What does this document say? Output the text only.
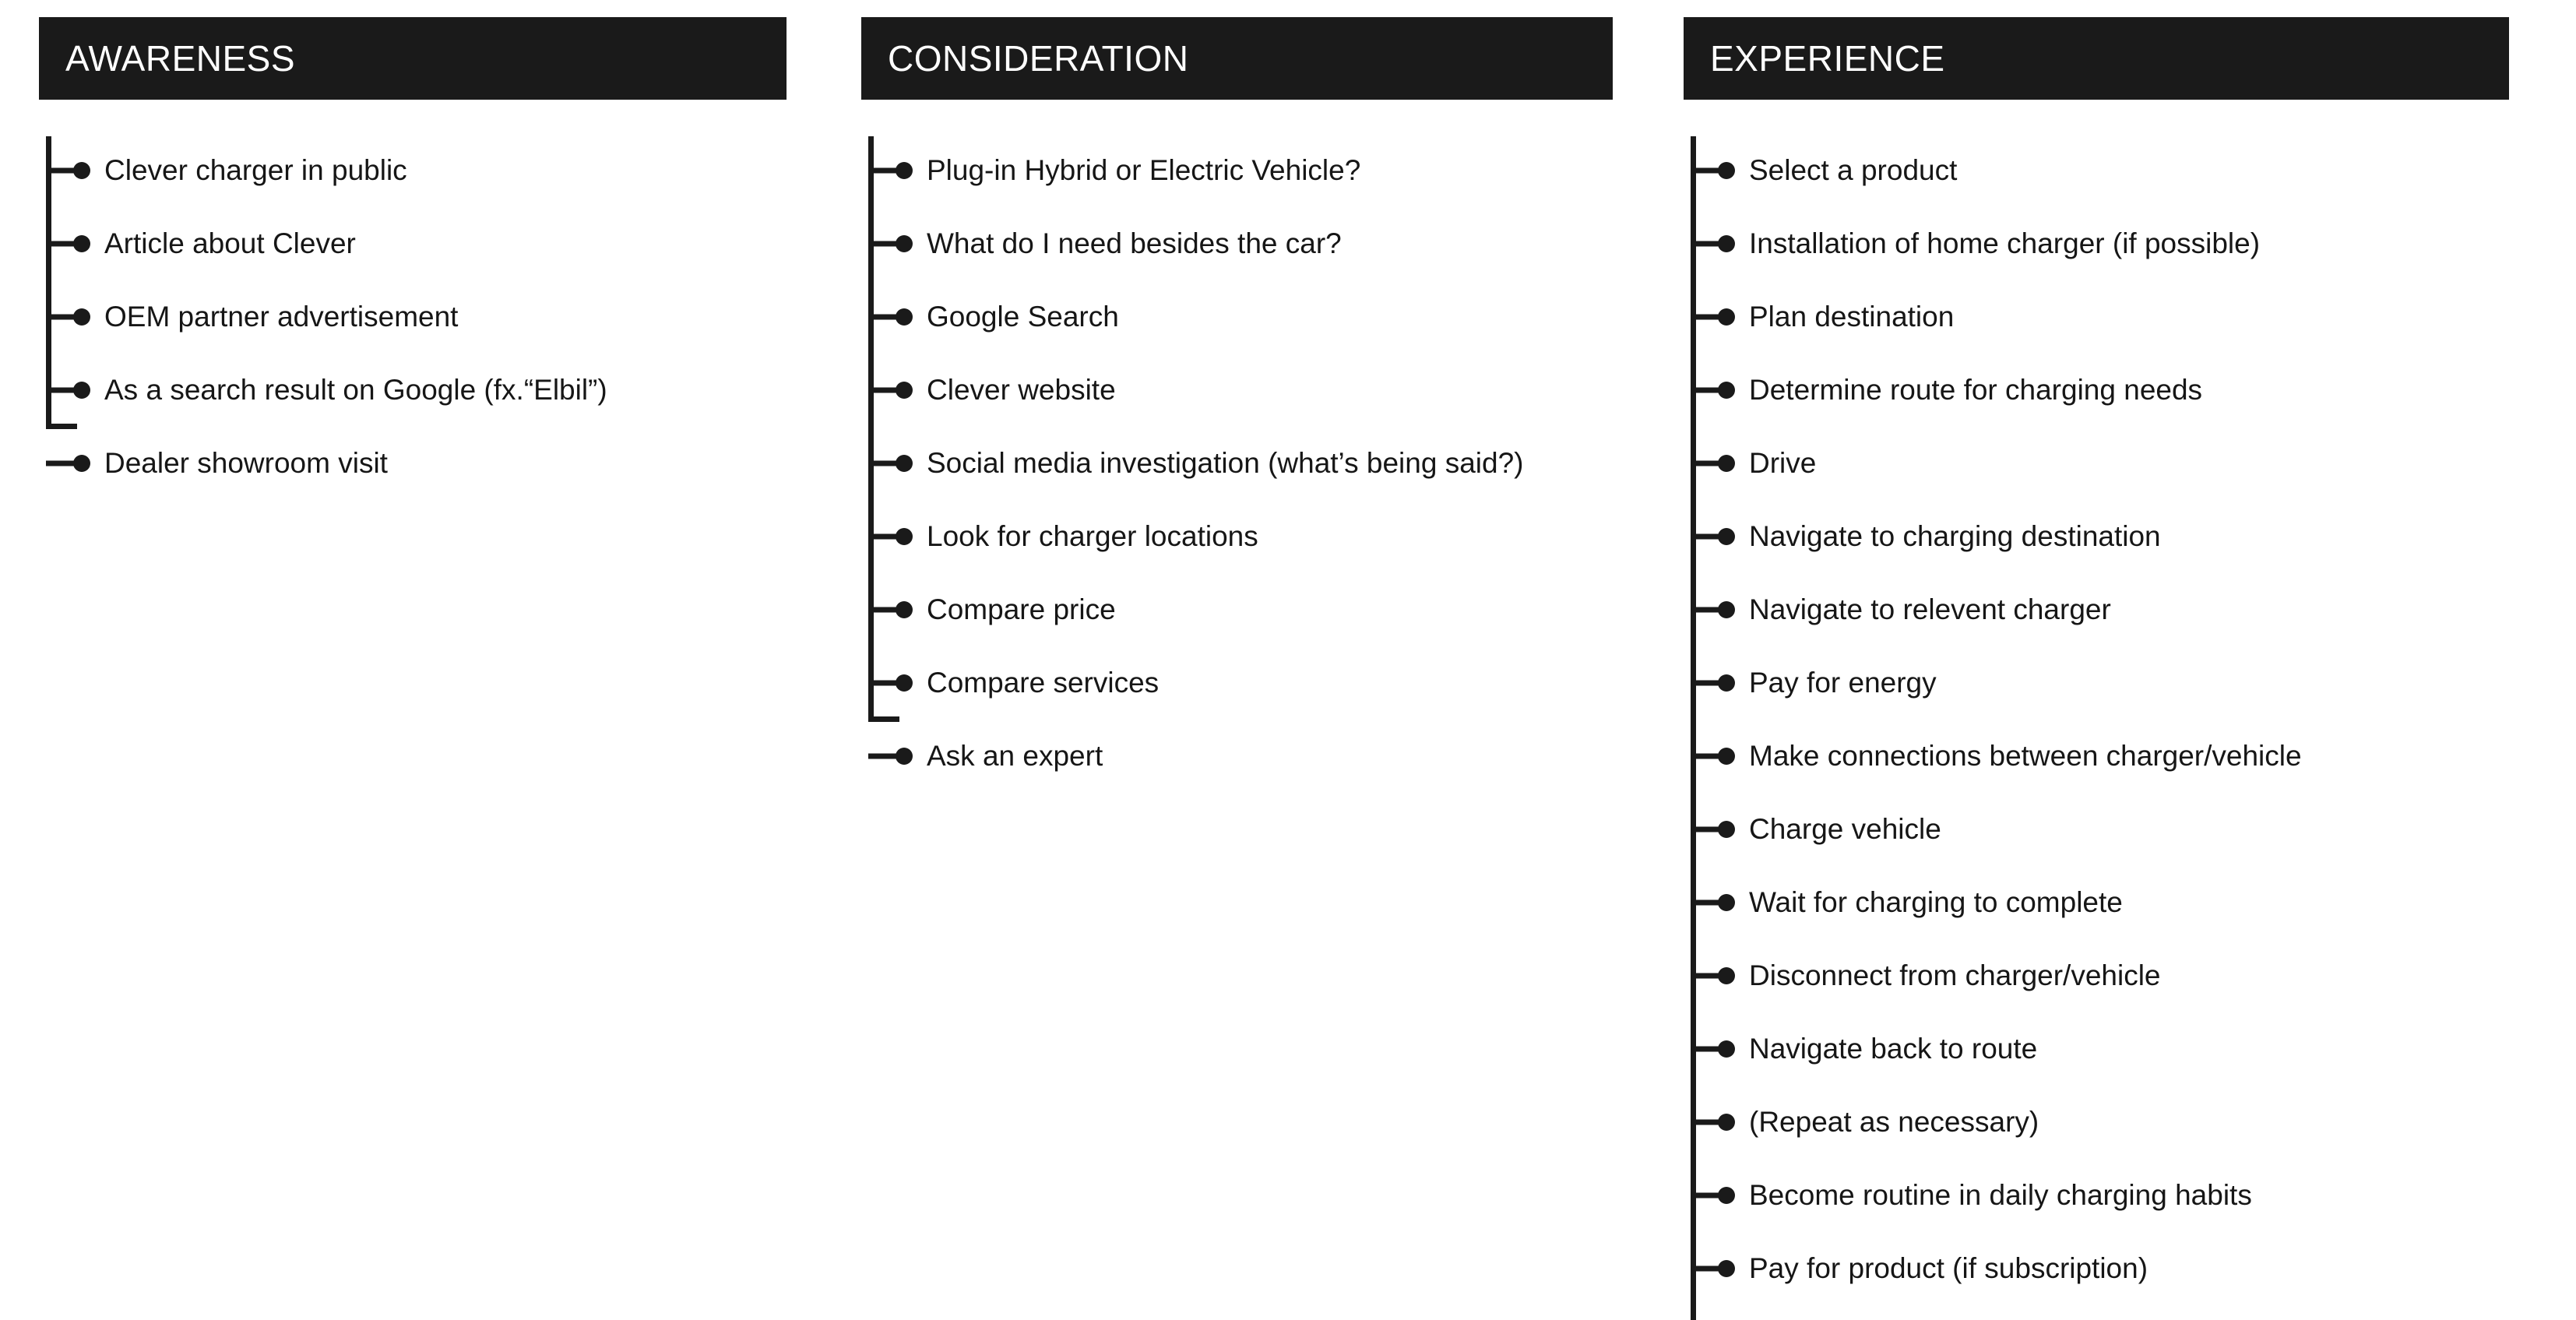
AWARENESS
Clever charger in public
Article about Clever
OEM partner advertisement
As a search result on Google (fx.“Elbil”)
Dealer showroom visit
CONSIDERATION
Plug-in Hybrid or Electric Vehicle?
What do I need besides the car?
Google Search
Clever website
Social media investigation (what’s being said?)
Look for charger locations
Compare price
Compare services
Ask an expert
EXPERIENCE
Select a product
Installation of home charger (if possible)
Plan destination
Determine route for charging needs
Drive
Navigate to charging destination
Navigate to relevent charger
Pay for energy
Make connections between charger/vehicle
Charge vehicle
Wait for charging to complete
Disconnect from charger/vehicle
Navigate back to route
(Repeat as necessary)
Become routine in daily charging habits
Pay for product (if subscription)
